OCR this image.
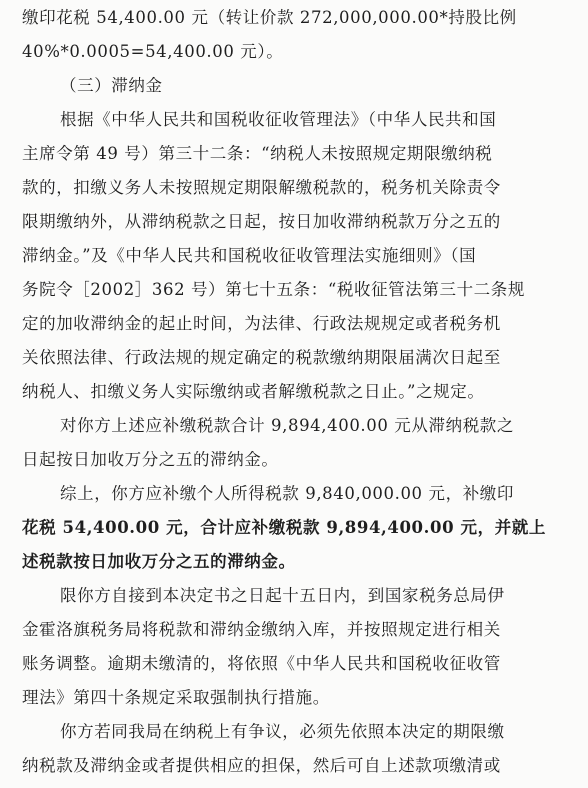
缴印花税 54,400.00 元（转让价款 272,000,000.00*持股比例
40%*0.0005=54,400.00 元）。
（三）滞纳金
根据《中华人民共和国税收征收管理法》（中华人民共和国
主席令第 49 号）第三十二条：“纳税人未按照规定期限缴纳税
款的，扣缴义务人未按照规定期限解缴税款的，税务机关除责令
限期缴纳外，从滞纳税款之日起，按日加收滞纳税款万分之五的
滞纳金。”及《中华人民共和国税收征收管理法实施细则》（国
务院令［2002］362 号）第七十五条：“税收征管法第三十二条规
定的加收滞纳金的起止时间，为法律、行政法规规定或者税务机
关依照法律、行政法规的规定确定的税款缴纳期限届满次日起至
纳税人、扣缴义务人实际缴纳或者解缴税款之日止。”之规定。
对你方上述应补缴税款合计 9,894,400.00 元从滞纳税款之
日起按日加收万分之五的滞纳金。
综上，你方应补缴个人所得税款 9,840,000.00 元，补缴印
花税 54,400.00 元，合计应补缴税款 9,894,400.00 元，并就上
述税款按日加收万分之五的滞纳金。
限你方自接到本决定书之日起十五日内，到国家税务总局伊
金霍洛旗税务局将税款和滞纳金缴纳入库，并按照规定进行相关
账务调整。逾期未缴清的，将依照《中华人民共和国税收征收管
理法》第四十条规定采取强制执行措施。
你方若同我局在纳税上有争议，必须先依照本决定的期限缴
纳税款及滞纳金或者提供相应的担保，然后可自上述款项缴清或
